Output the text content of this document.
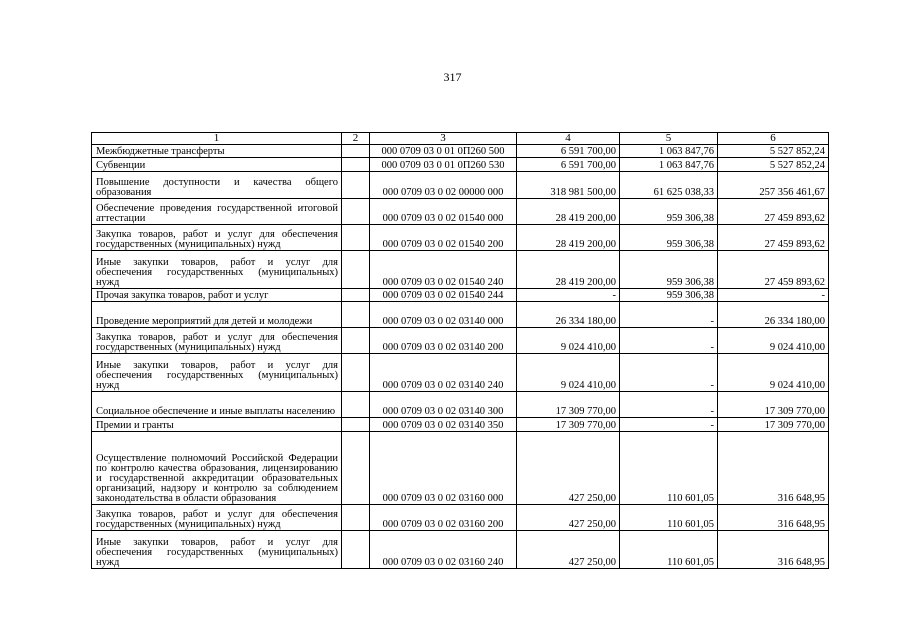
317
1	2	3	4	5	6
Межбюджетные трансферты		000 0709 03 0 01 0П260 500	6 591 700,00	1 063 847,76	5 527 852,24
Субвенции		000 0709 03 0 01 0П260 530	6 591 700,00	1 063 847,76	5 527 852,24

Повышение доступности и качества общего образования		000 0709 03 0 02 00000 000	318 981 500,00	61 625 038,33	257 356 461,67

Обеспечение проведения государственной итоговой аттестации		000 0709 03 0 02 01540 000	28 419 200,00	959 306,38	27 459 893,62

Закупка товаров, работ и услуг для обеспечения государственных (муниципальных) нужд		000 0709 03 0 02 01540 200	28 419 200,00	959 306,38	27 459 893,62

Иные закупки товаров, работ и услуг для обеспечения государственных (муниципальных) нужд		000 0709 03 0 02 01540 240	28 419 200,00	959 306,38	27 459 893,62
Прочая закупка товаров, работ и услуг		000 0709 03 0 02 01540 244	-	959 306,38	-

Проведение мероприятий для детей и молодежи		000 0709 03 0 02 03140 000	26 334 180,00	-	26 334 180,00

Закупка товаров, работ и услуг для обеспечения государственных (муниципальных) нужд		000 0709 03 0 02 03140 200	9 024 410,00	-	9 024 410,00

Иные закупки товаров, работ и услуг для обеспечения государственных (муниципальных) нужд		000 0709 03 0 02 03140 240	9 024 410,00	-	9 024 410,00

Социальное обеспечение и иные выплаты населению		000 0709 03 0 02 03140 300	17 309 770,00	-	17 309 770,00
Премии и гранты		000 0709 03 0 02 03140 350	17 309 770,00	-	17 309 770,00

Осуществление полномочий Российской Федерации по контролю качества образования, лицензированию и государственной аккредитации образовательных организаций, надзору и контролю за соблюдением законодательства в области образования		000 0709 03 0 02 03160 000	427 250,00	110 601,05	316 648,95

Закупка товаров, работ и услуг для обеспечения государственных (муниципальных) нужд		000 0709 03 0 02 03160 200	427 250,00	110 601,05	316 648,95

Иные закупки товаров, работ и услуг для обеспечения государственных (муниципальных) нужд		000 0709 03 0 02 03160 240	427 250,00	110 601,05	316 648,95
